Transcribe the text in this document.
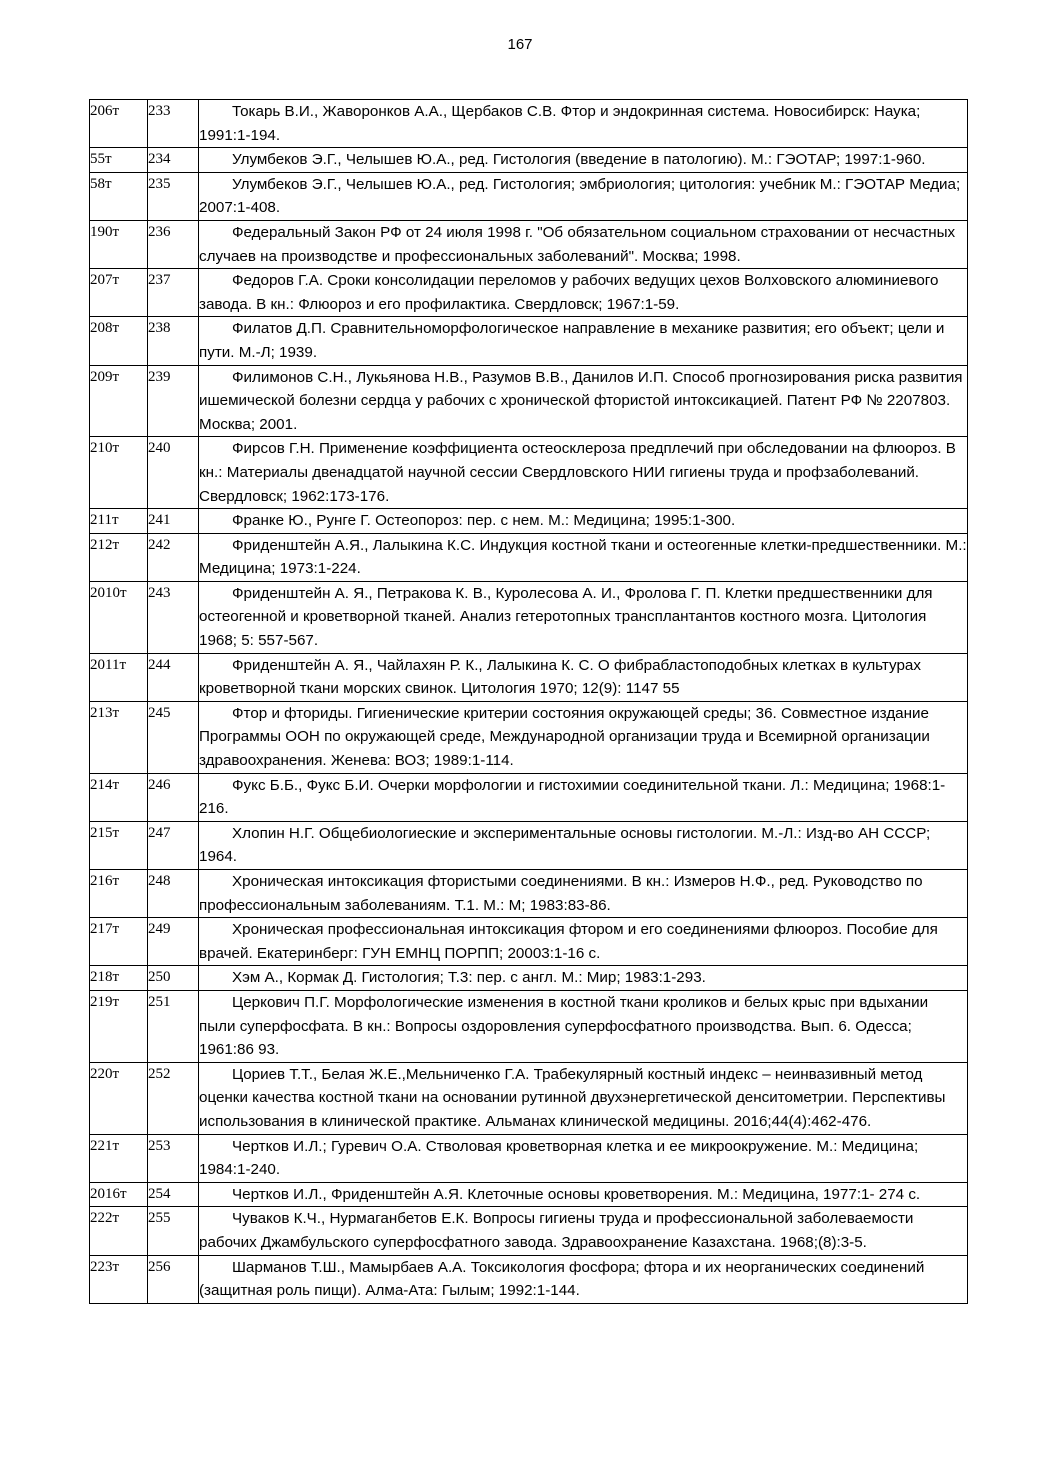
167
206т	233	Токарь В.И., Жаворонков А.А., Щербаков С.В. Фтор и эндокринная система. Новосибирск: Наука; 1991:1-194.
55т	234	Улумбеков Э.Г., Челышев Ю.А., ред. Гистология (введение в патологию). М.: ГЭОТАР; 1997:1-960.
58т	235	Улумбеков Э.Г., Челышев Ю.А., ред. Гистология; эмбриология; цитология: учебник М.: ГЭОТАР Медиа; 2007:1-408.
190т	236	Федеральный Закон РФ от 24 июля 1998 г. "Об обязательном социальном страховании от несчастных случаев на производстве и профессиональных заболеваний". Москва; 1998.
207т	237	Федоров Г.А. Сроки консолидации переломов у рабочих ведущих цехов Волховского алюминиевого завода. В кн.: Флюороз и его профилактика. Свердловск; 1967:1-59.
208т	238	Филатов Д.П. Сравнительноморфологическое направление в механике развития; его объект; цели и пути. М.-Л; 1939.
209т	239	Филимонов С.Н., Лукьянова Н.В., Разумов В.В., Данилов И.П. Способ прогнозирования риска развития ишемической болезни сердца у рабочих с хронической фтористой интоксикацией. Патент РФ № 2207803. Москва; 2001.
210т	240	Фирсов Г.Н. Применение коэффициента остеосклероза предплечий при обследовании на флюороз. В кн.: Материалы двенадцатой научной сессии Свердловского НИИ гигиены труда и профзаболеваний. Свердловск; 1962:173-176.
211т	241	Франке Ю., Рунге Г. Остеопороз: пер. с нем. М.: Медицина; 1995:1-300.
212т	242	Фриденштейн А.Я., Лалыкина К.С. Индукция костной ткани и остеогенные клетки-предшественники. М.: Медицина; 1973:1-224.
2010т	243	Фриденштейн А. Я., Петракова К. В., Куролесова А. И., Фролова Г. П. Клетки предшественники для остеогенной и кроветворной тканей. Анализ гетеротопных трансплантантов костного мозга. Цитология 1968; 5: 557-567.
2011т	244	Фриденштейн А. Я., Чайлахян Р. К., Лалыкина К. С. О фибрабластоподобных клетках в культурах кроветворной ткани морских свинок. Цитология 1970; 12(9): 1147 55
213т	245	Фтор и фториды. Гигиенические критерии состояния окружающей среды; 36. Совместное издание Программы ООН по окружающей среде, Международной организации труда и Всемирной организации здравоохранения. Женева: ВОЗ; 1989:1-114.
214т	246	Фукс Б.Б., Фукс Б.И. Очерки морфологии и гистохимии соединительной ткани. Л.: Медицина; 1968:1-216.
215т	247	Хлопин Н.Г. Общебиологиеские и экспериментальные основы гистологии. М.-Л.: Изд-во АН СССР; 1964.
216т	248	Хроническая интоксикация фтористыми соединениями. В кн.: Измеров Н.Ф., ред. Руководство по профессиональным заболеваниям. Т.1. М.: М; 1983:83-86.
217т	249	Хроническая профессиональная интоксикация фтором и его соединениями флюороз. Пособие для врачей. Екатеринберг: ГУН ЕМНЦ ПОРПП; 20003:1-16 с.
218т	250	Хэм А., Кормак Д. Гистология; Т.3: пер. с англ. М.: Мир; 1983:1-293.
219т	251	Церкович П.Г. Морфологические изменения в костной ткани кроликов и белых крыс при вдыхании пыли суперфосфата. В кн.: Вопросы оздоровления суперфосфатного производства. Вып. 6. Одесса; 1961:86 93.
220т	252	Цориев Т.Т., Белая Ж.Е.,Мельниченко Г.А. Трабекулярный костный индекс – неинвазивный метод оценки качества костной ткани на основании рутинной двухэнергетической денситометрии. Перспективы использования в клинической практике. Альманах клинической медицины. 2016;44(4):462-476.
221т	253	Чертков И.Л.; Гуревич О.А. Стволовая кроветворная клетка и ее микроокружение. М.: Медицина; 1984:1-240.
2016т	254	Чертков И.Л., Фриденштейн А.Я. Клеточные основы кроветворения. М.: Медицина, 1977:1- 274 с.
222т	255	Чуваков К.Ч., Нурмаганбетов Е.К. Вопросы гигиены труда и профессиональной заболеваемости рабочих Джамбульского суперфосфатного завода. Здравоохранение Казахстана. 1968;(8):3-5.
223т	256	Шарманов Т.Ш., Мамырбаев А.А. Токсикология фосфора; фтора и их неорганических соединений (защитная роль пищи). Алма-Ата: Гылым; 1992:1-144.
